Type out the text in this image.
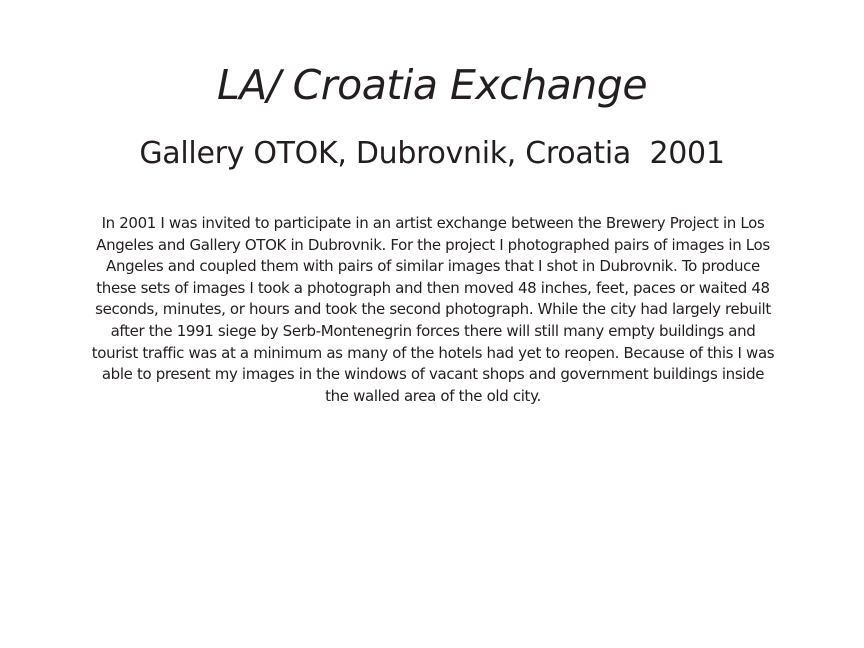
LA/ Croatia Exchange
Gallery OTOK, Dubrovnik, Croatia  2001

In 2001 I was invited to participate in an artist exchange between the Brewery Project in Los Angeles and Gallery OTOK in Dubrovnik. For the project I photographed pairs of images in Los Angeles and coupled them with pairs of similar images that I shot in Dubrovnik. To produce these sets of images I took a photograph and then moved 48 inches, feet, paces or waited 48 seconds, minutes, or hours and took the second photograph. While the city had largely rebuilt after the 1991 siege by Serb-Montenegrin forces there will still many empty buildings and tourist traffic was at a minimum as many of the hotels had yet to reopen. Because of this I was able to present my images in the windows of vacant shops and government buildings inside the walled area of the old city.
